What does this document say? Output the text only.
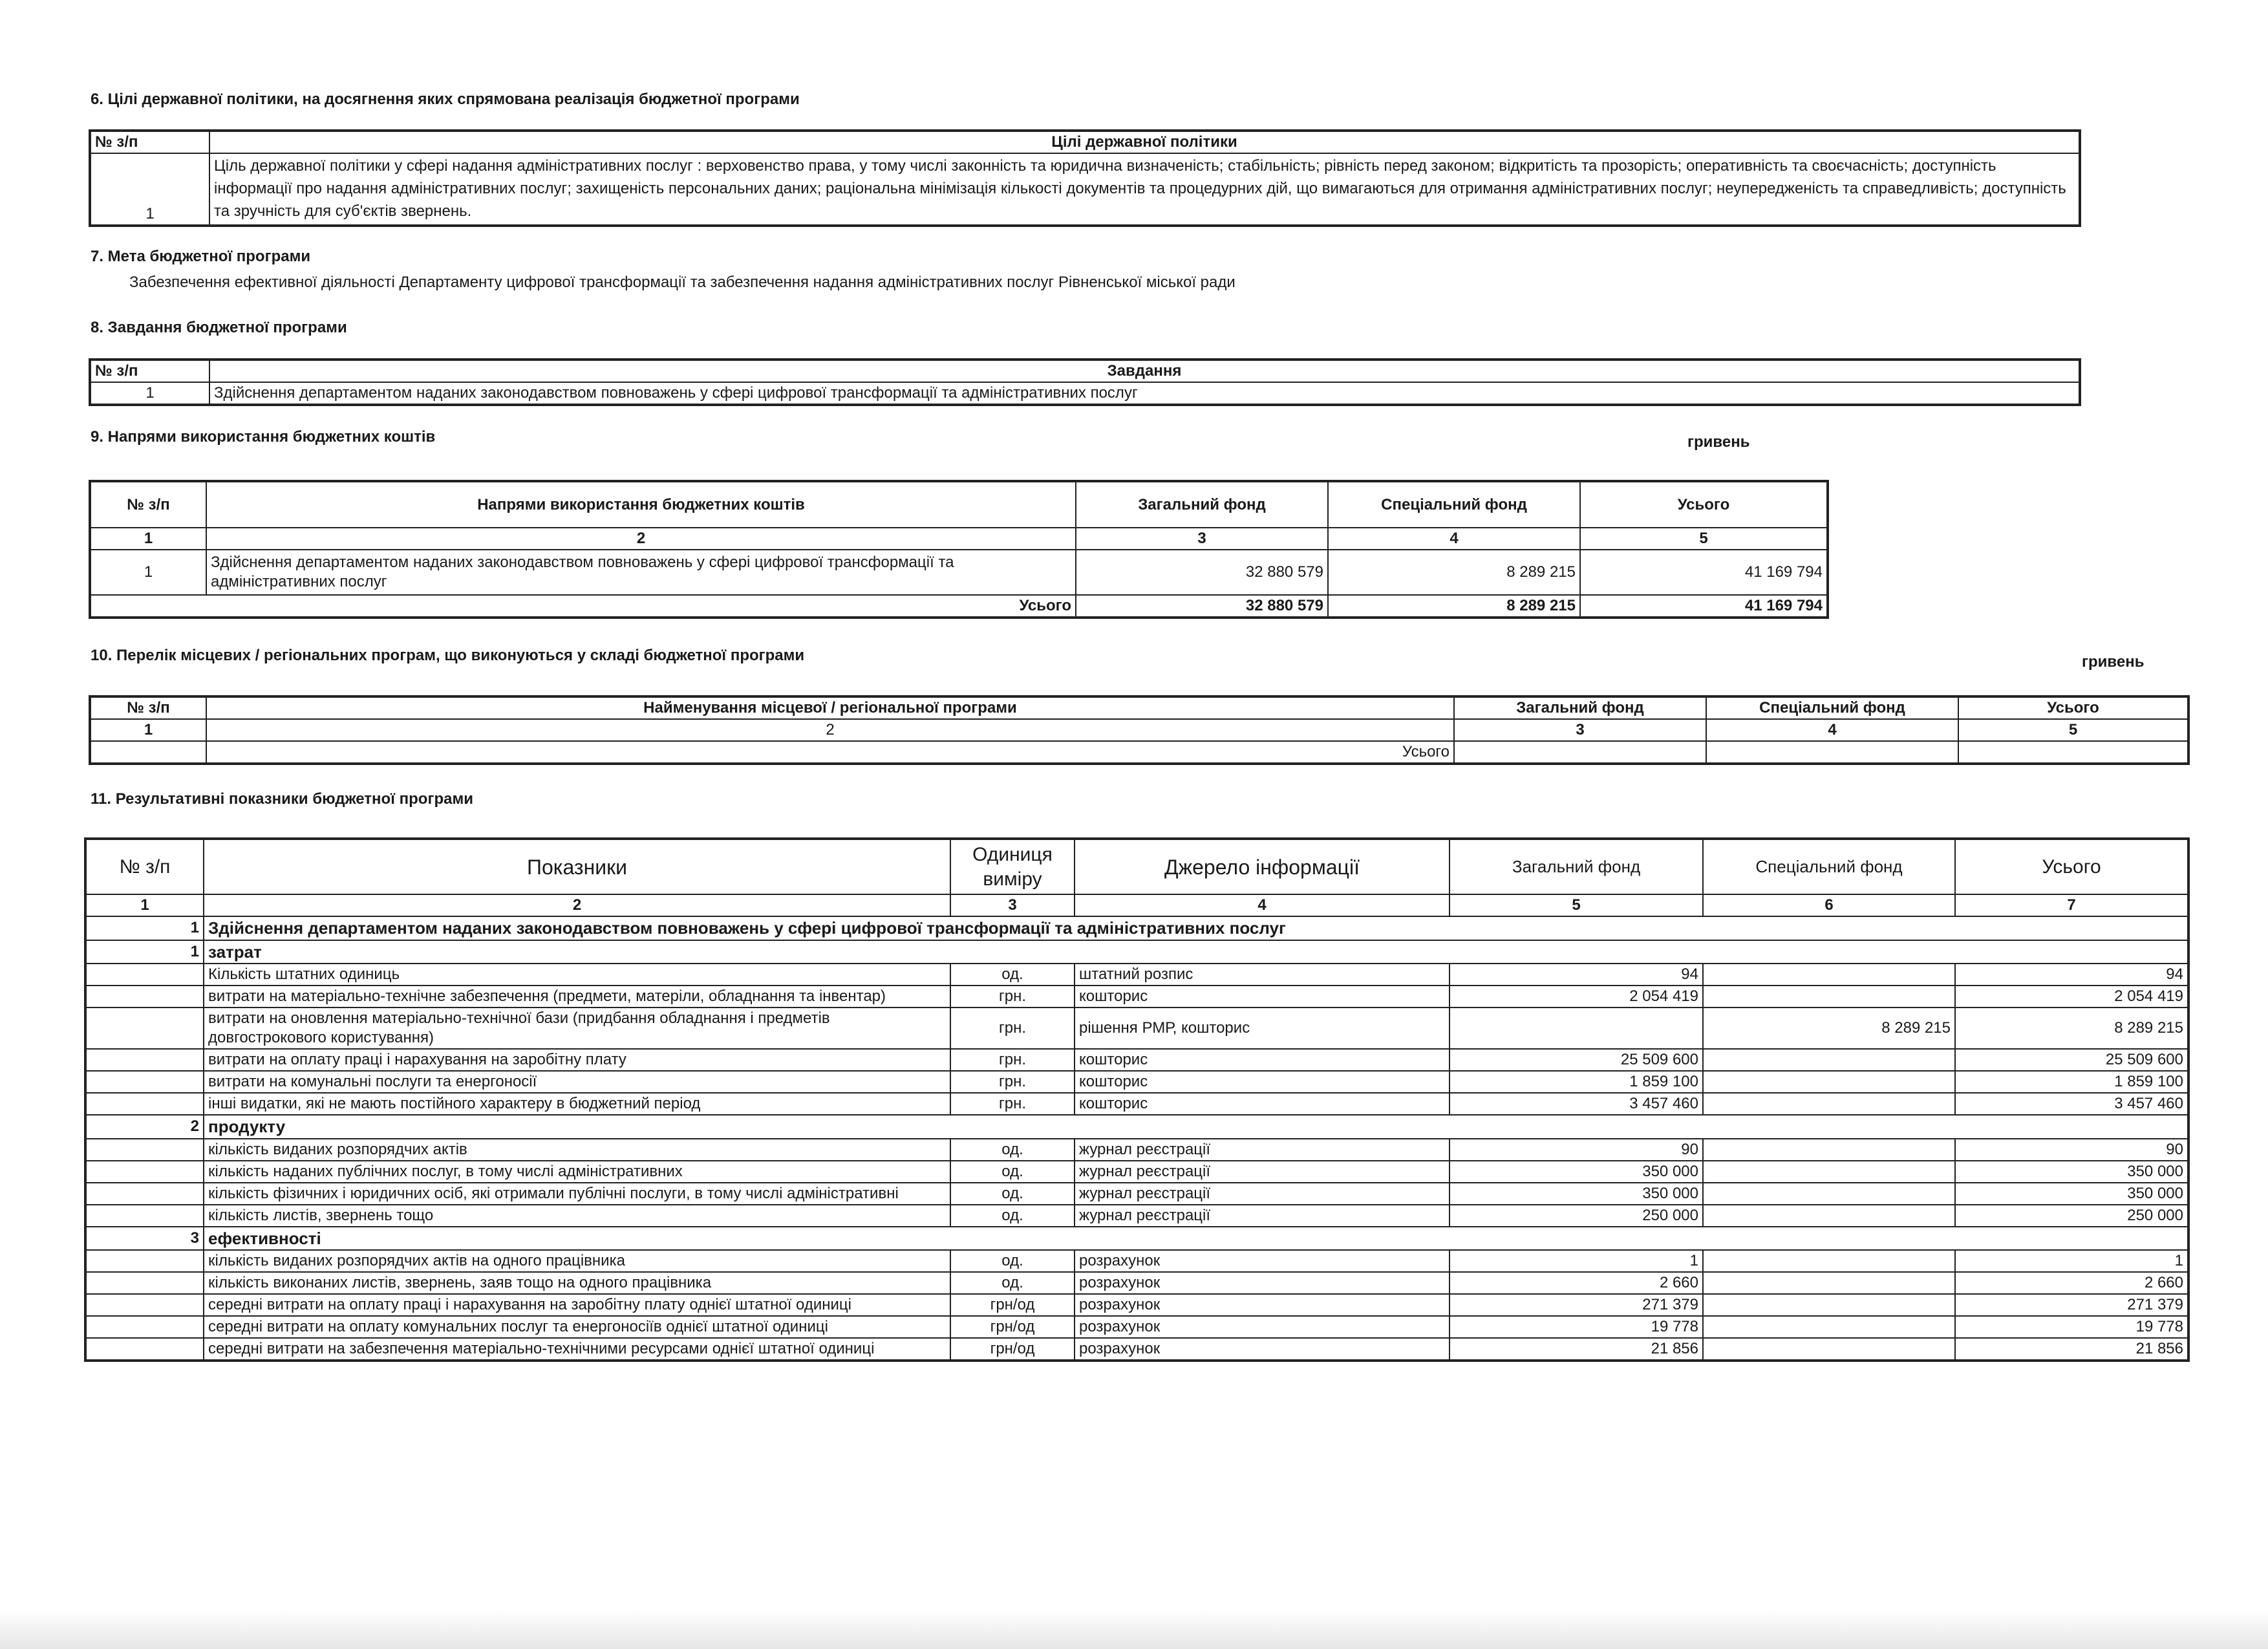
6. Цілі державної політики, на досягнення яких спрямована реалізація бюджетної програми
№ з/п	Цілі державної політики
1	Ціль державної політики у сфері надання адміністративних послуг : верховенство права, у тому числі законність та юридична визначеність; стабільність; рівність перед законом; відкритість та прозорість; оперативність та своєчасність; доступність інформації про надання адміністративних послуг; захищеність персональних даних; раціональна мінімізація кількості документів та процедурних дій, що вимагаються для отримання адміністративних послуг; неупередженість та справедливість; доступність та зручність для суб'єктів звернень.
7. Мета бюджетної програми
Забезпечення ефективної діяльності Департаменту цифрової трансформації та забезпечення надання адміністративних послуг Рівненської міської ради
8. Завдання бюджетної програми
№ з/п	Завдання
1	Здійснення департаментом наданих законодавством повноважень у сфері цифрової трансформації та адміністративних послуг
9. Напрями використання бюджетних коштів	гривень
№ з/п	Напрями використання бюджетних коштів	Загальний фонд	Спеціальний фонд	Усього
1	2	3	4	5
1	Здійснення департаментом наданих законодавством повноважень у сфері цифрової трансформації та адміністративних послуг	32 880 579	8 289 215	41 169 794
Усього		32 880 579	8 289 215	41 169 794
10. Перелік місцевих / регіональних програм, що виконуються у складі бюджетної програми	гривень
№ з/п	Найменування місцевої / регіональної програми	Загальний фонд	Спеціальний фонд	Усього
1	2	3	4	5
	Усього			
11. Результативні показники бюджетної програми
№ з/п	Показники	Одиниця виміру	Джерело інформації	Загальний фонд	Спеціальний фонд	Усього
1	2	3	4	5	6	7
1	Здійснення департаментом наданих законодавством повноважень у сфері цифрової трансформації та адміністративних послуг					
1	затрат					
	Кількість штатних одиниць	од.	штатний розпис	94		94
	витрати на матеріально-технічне забезпечення (предмети, матеріли, обладнання та інвентар)	грн.	кошторис	2 054 419		2 054 419
	витрати на оновлення матеріально-технічної бази (придбання обладнання і предметів довгострокового користування)	грн.	рішення РМР, кошторис		8 289 215	8 289 215
	витрати на оплату праці і нарахування на заробітну плату	грн.	кошторис	25 509 600		25 509 600
	витрати на комунальні послуги та енергоносії	грн.	кошторис	1 859 100		1 859 100
	інші видатки, які не мають постійного характеру в бюджетний період	грн.	кошторис	3 457 460		3 457 460
2	продукту					
	кількість виданих розпорядчих актів	од.	журнал реєстрації	90		90
	кількість наданих публічних послуг, в тому числі адміністративних	од.	журнал реєстрації	350 000		350 000
	кількість фізичних і юридичних осіб, які отримали публічні послуги, в тому числі адміністративні	од.	журнал реєстрації	350 000		350 000
	кількість листів, звернень тощо	од.	журнал реєстрації	250 000		250 000
3	ефективності					
	кількість виданих розпорядчих актів на одного працівника	од.	розрахунок	1		1
	кількість виконаних листів, звернень, заяв тощо на одного працівника	од.	розрахунок	2 660		2 660
	середні витрати на оплату праці і нарахування на заробітну плату однієї штатної одиниці	грн/од	розрахунок	271 379		271 379
	середні витрати на оплату комунальних послуг та енергоносіїв однієї штатної одиниці	грн/од	розрахунок	19 778		19 778
	середні витрати на забезпечення матеріально-технічними ресурсами однієї штатної одиниці	грн/од	розрахунок	21 856		21 856
